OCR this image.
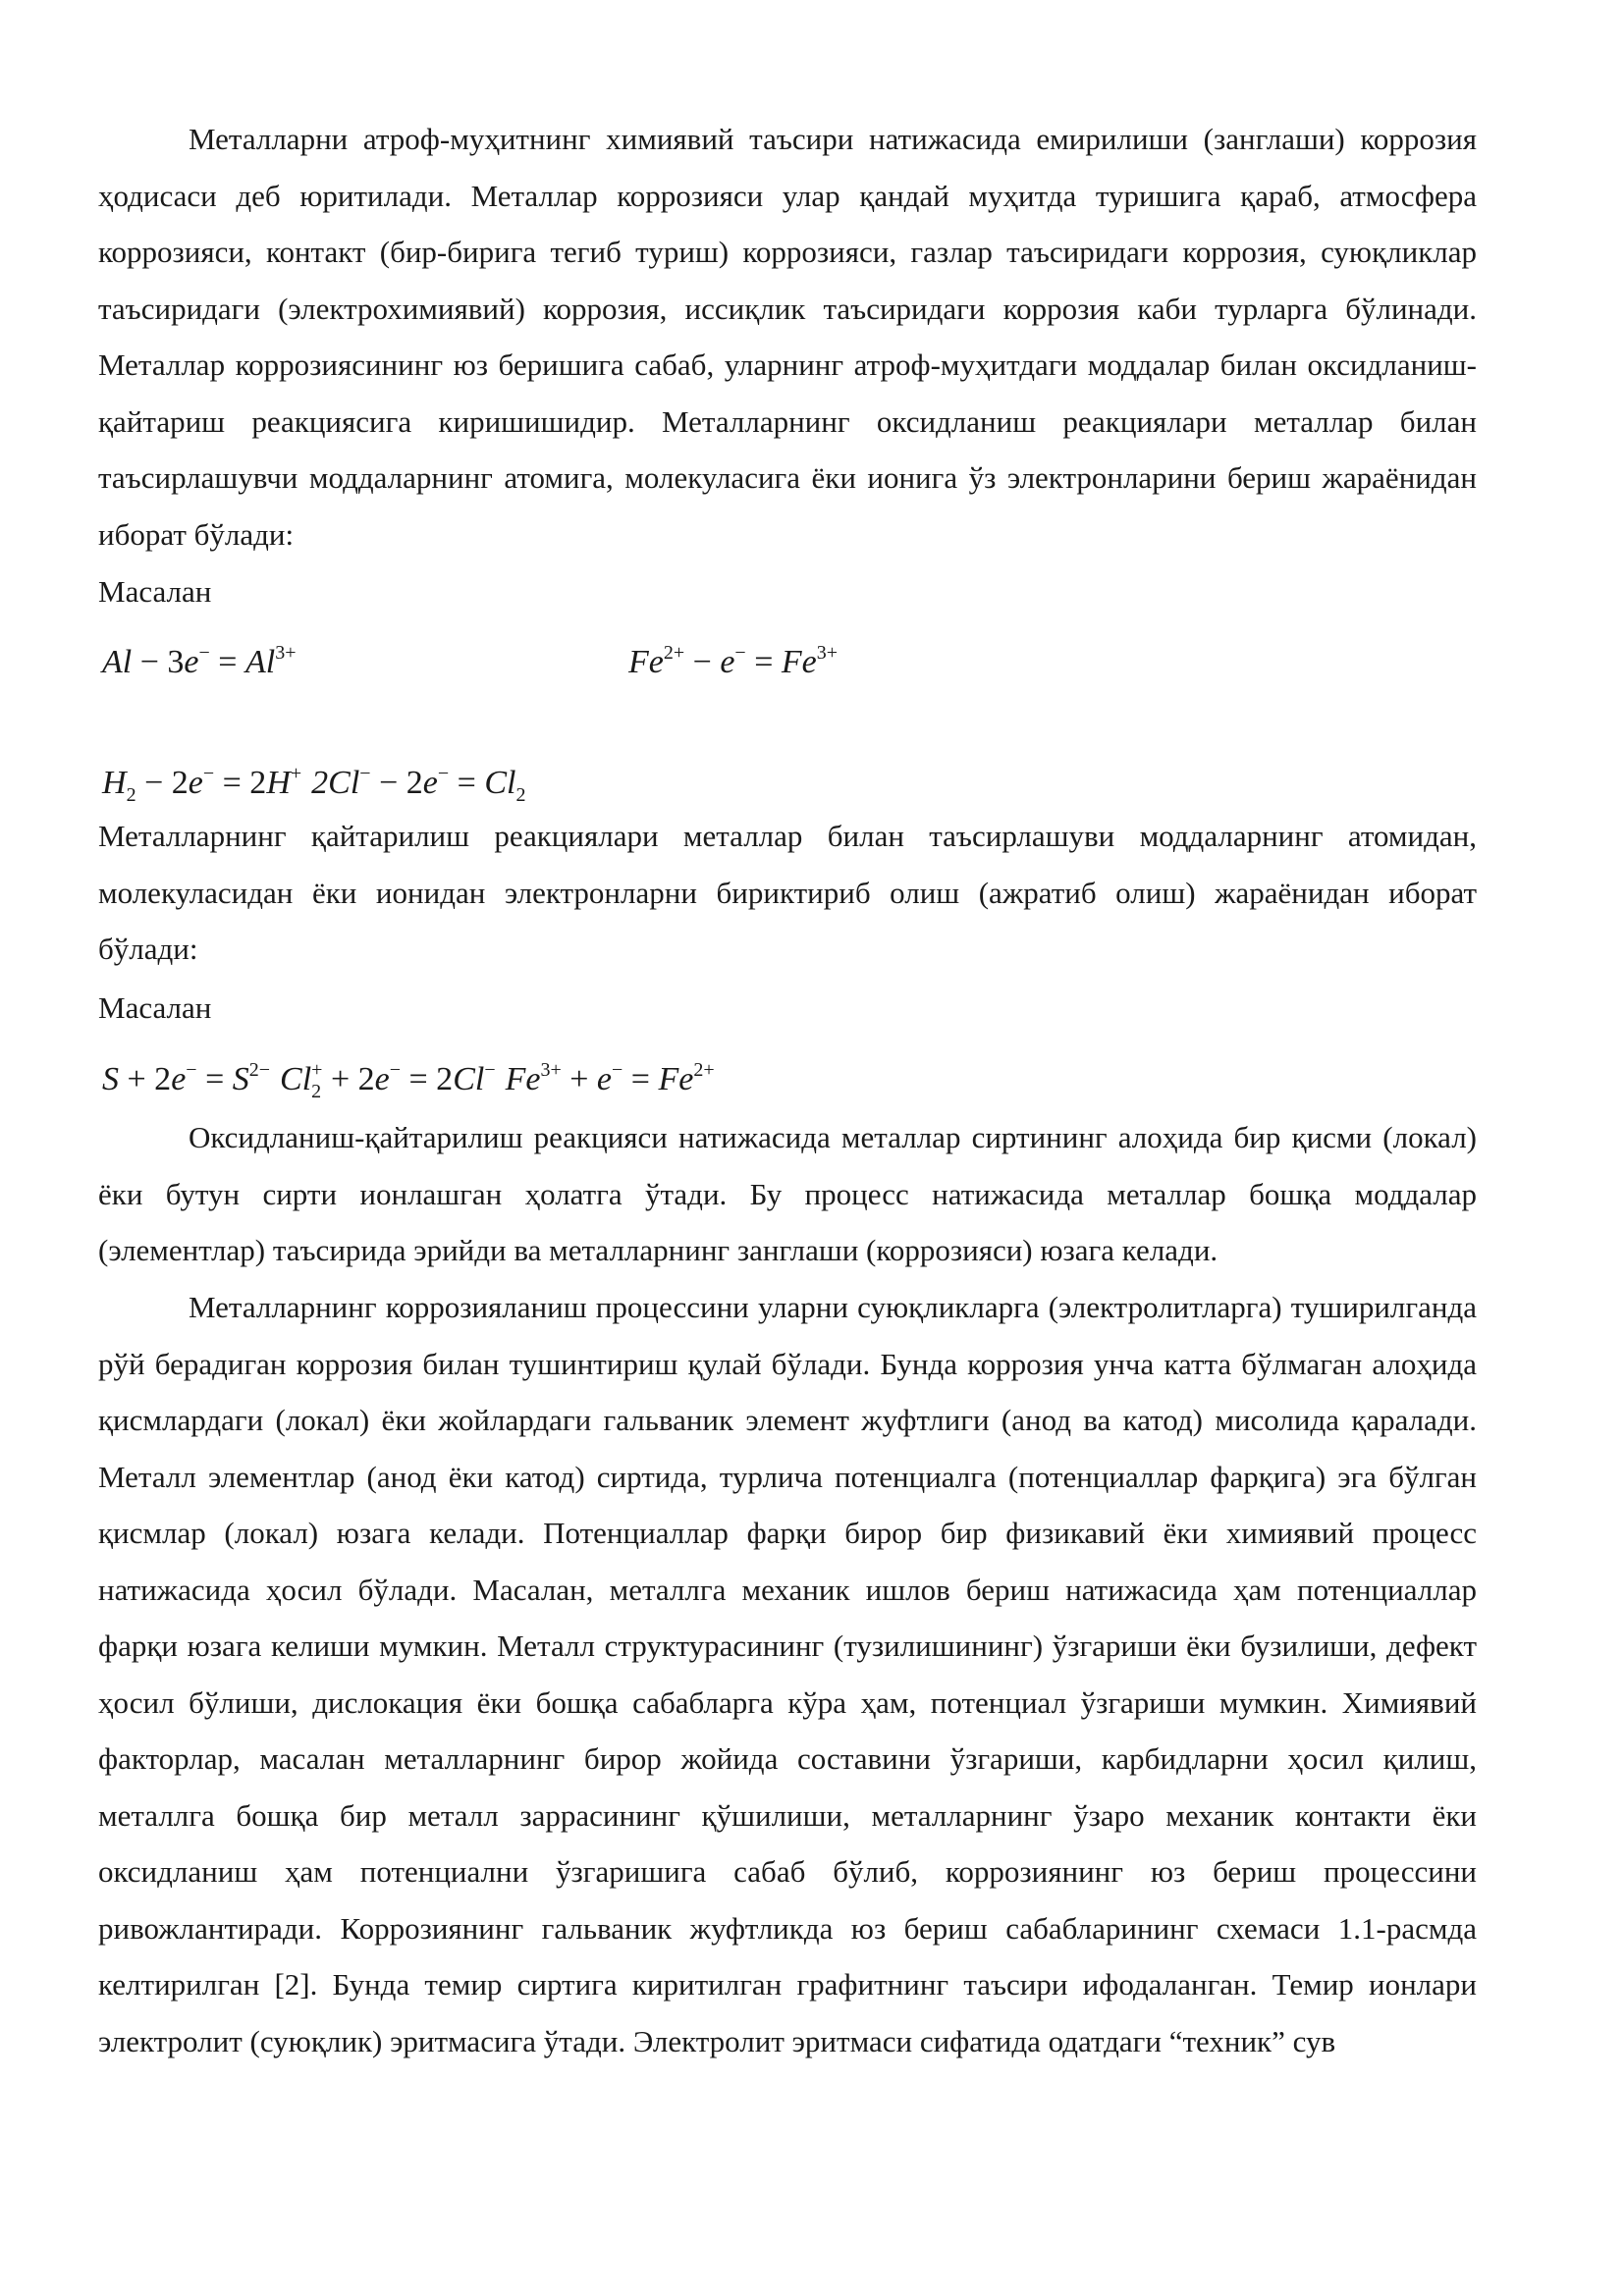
Металларни атроф-муҳитнинг химиявий таъсири натижасида емирилиши (занглаши) коррозия ҳодисаси деб юритилади. Металлар коррозияси улар қандай муҳитда туришига қараб, атмосфера коррозияси, контакт (бир-бирига тегиб туриш) коррозияси, газлар таъсиридаги коррозия, суюқликлар таъсиридаги (электрохимиявий) коррозия, иссиқлик таъсиридаги коррозия каби турларга бўлинади. Металлар коррозиясининг юз беришига сабаб, уларнинг атроф-муҳитдаги моддалар билан оксидланиш-қайтариш реакциясига киришишидир. Металларнинг оксидланиш реакциялари металлар билан таъсирлашувчи моддаларнинг атомига, молекуласига ёки ионига ўз электронларини бериш жараёнидан иборат бўлади:

Масалан
$Al - 3e^- = Al^{3+}$	$Fe^{2+} - e^- = Fe^{3+}$
$H_2 - 2e^- = 2H^+$ $2Cl^- - 2e^- = Cl_2$

Металларнинг қайтарилиш реакциялари металлар билан таъсирлашуви моддаларнинг атомидан, молекуласидан ёки ионидан электронларни бириктириб олиш (ажратиб олиш) жараёнидан иборат бўлади:

Масалан
$S + 2e^- = S^{2-}$ $Cl_2^+ + 2e^- = 2Cl^-$ $Fe^{3+} + e^- = Fe^{2+}$

Оксидланиш-қайтарилиш реакцияси натижасида металлар сиртининг алоҳида бир қисми (локал) ёки бутун сирти ионлашган ҳолатга ўтади. Бу процесс натижасида металлар бошқа моддалар (элементлар) таъсирида эрийди ва металларнинг занглаши (коррозияси) юзага келади.

Металларнинг коррозияланиш процессини уларни суюқликларга (электролитларга) туширилганда рўй берадиган коррозия билан тушинтириш қулай бўлади. Бунда коррозия унча катта бўлмаган алоҳида қисмлардаги (локал) ёки жойлардаги гальваник элемент жуфтлиги (анод ва катод) мисолида қаралади. Металл элементлар (анод ёки катод) сиртида, турлича потенциалга (потенциаллар фарқига) эга бўлган қисмлар (локал) юзага келади. Потенциаллар фарқи бирор бир физикавий ёки химиявий процесс натижасида ҳосил бўлади. Масалан, металлга механик ишлов бериш натижасида ҳам потенциаллар фарқи юзага келиши мумкин. Металл структурасининг (тузилишининг) ўзгариши ёки бузилиши, дефект ҳосил бўлиши, дислокация ёки бошқа сабабларга кўра ҳам, потенциал ўзгариши мумкин. Химиявий факторлар, масалан металларнинг бирор жойида составини ўзгариши, карбидларни ҳосил қилиш, металлга бошқа бир металл заррасининг қўшилиши, металларнинг ўзаро механик контакти ёки оксидланиш ҳам потенциални ўзгаришига сабаб бўлиб, коррозиянинг юз бериш процессини ривожлантиради. Коррозиянинг гальваник жуфтликда юз бериш сабабларининг схемаси 1.1-расмда келтирилган [2]. Бунда темир сиртига киритилган графитнинг таъсири ифодаланган. Темир ионлари электролит (суюқлик) эритмасига ўтади. Электролит эритмаси сифатида одатдаги “техник” сув
